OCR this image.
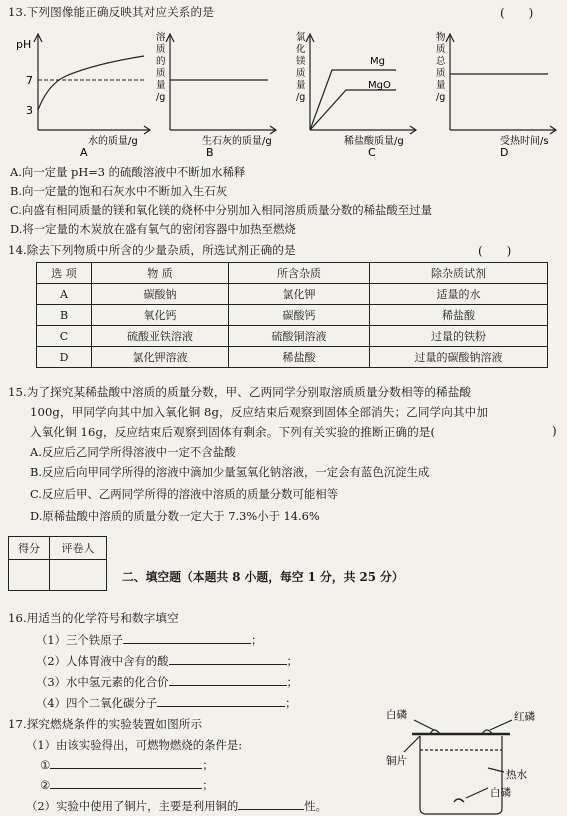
13.下列图像能正确反映其对应关系的是	(　　)
pH
7
3
水的质量/g
A
溶
质
的
质
量
/g
生石灰的质量/g
B
氯
化
镁
质
量
/g
Mg
MgO
稀盐酸质量/g
C
物
质
总
质
量
/g
受热时间/s
D
A.向一定量 pH=3 的硫酸溶液中不断加水稀释
B.向一定量的饱和石灰水中不断加入生石灰
C.向盛有相同质量的镁和氧化镁的烧杯中分别加入相同溶质质量分数的稀盐酸至过量
D.将一定量的木炭放在盛有氧气的密闭容器中加热至燃烧
14.除去下列物质中所含的少量杂质，所选试剂正确的是	(　　)
选 项	物 质	所含杂质	除杂质试剂
A	碳酸钠	氯化钾	适量的水
B	氧化钙	碳酸钙	稀盐酸
C	硫酸亚铁溶液	硫酸铜溶液	过量的铁粉
D	氯化钾溶液	稀盐酸	过量的碳酸钠溶液
15.为了探究某稀盐酸中溶质的质量分数，甲、乙两同学分别取溶质质量分数相等的稀盐酸
100g，甲同学向其中加入氧化铜 8g，反应结束后观察到固体全部消失；乙同学向其中加
入氧化铜 16g，反应结束后观察到固体有剩余。下列有关实验的推断正确的是(	)
A.反应后乙同学所得溶液中一定不含盐酸
B.反应后向甲同学所得的溶液中滴加少量氢氧化钠溶液，一定会有蓝色沉淀生成
C.反应后甲、乙两同学所得的溶液中溶质的质量分数可能相等
D.原稀盐酸中溶质的质量分数一定大于 7.3%小于 14.6%
得分	评卷人

二、填空题（本题共 8 小题，每空 1 分，共 25 分）
16.用适当的化学符号和数字填空
（1）三个铁原子	；
（2）人体胃液中含有的酸	；
（3）水中氢元素的化合价	；
（4）四个二氧化碳分子	；
17.探究燃烧条件的实验装置如图所示
（1）由该实验得出，可燃物燃烧的条件是:
①	；
②	；
（2）实验中使用了铜片，主要是利用铜的	性。
白磷	红磷
铜片
热水
白磷
